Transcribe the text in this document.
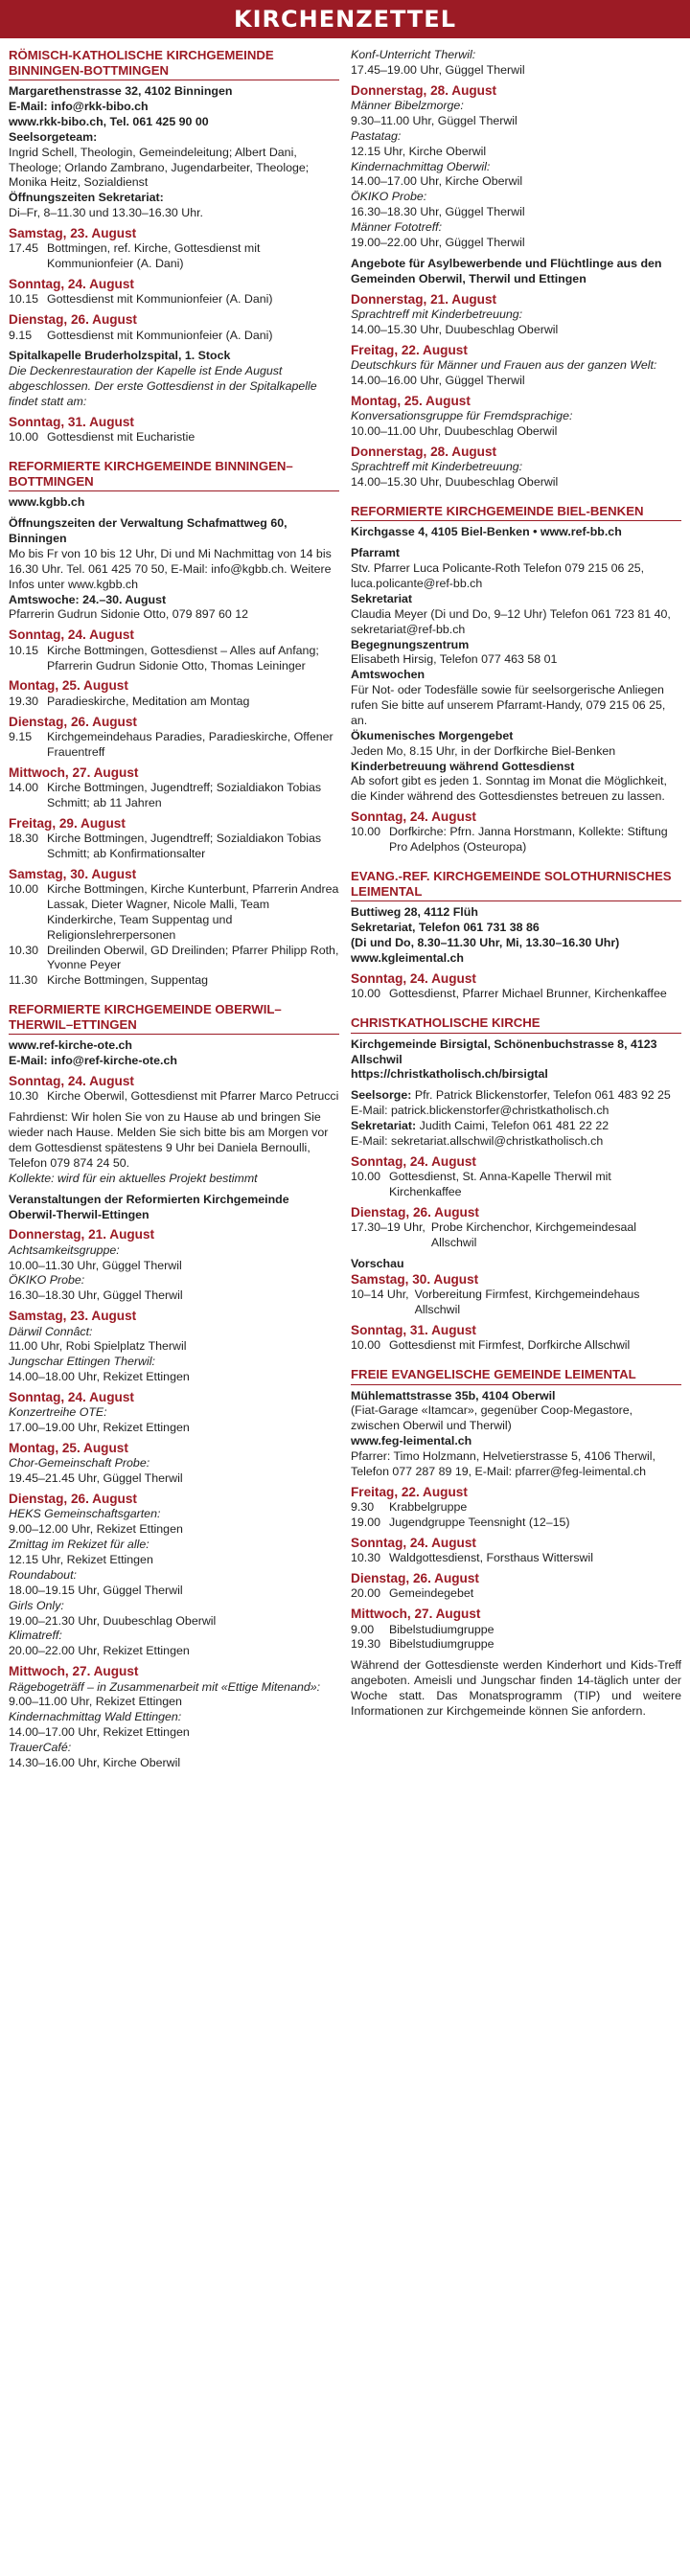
KIRCHENZETTEL
RÖMISCH-KATHOLISCHE KIRCHGEMEINDE BINNINGEN-BOTTMINGEN
Margarethenstrasse 32, 4102 Binningen
E-Mail: info@rkk-bibo.ch
www.rkk-bibo.ch, Tel. 061 425 90 00
Seelsorgeteam:
Ingrid Schell, Theologin, Gemeindeleitung; Albert Dani, Theologe; Orlando Zambrano, Jugendarbeiter, Theologe; Monika Heitz, Sozialdienst
Öffnungszeiten Sekretariat:
Di–Fr, 8–11.30 und 13.30–16.30 Uhr.
Samstag, 23. August
17.45 Bottmingen, ref. Kirche, Gottesdienst mit Kommunionfeier (A. Dani)
Sonntag, 24. August
10.15 Gottesdienst mit Kommunionfeier (A. Dani)
Dienstag, 26. August
9.15	Gottesdienst mit Kommunionfeier (A. Dani)
Spitalkapelle Bruderholzspital, 1. Stock
Die Deckenrestauration der Kapelle ist Ende August abgeschlossen. Der erste Gottesdienst in der Spitalkapelle findet statt am:
Sonntag, 31. August
10.00 Gottesdienst mit Eucharistie
REFORMIERTE KIRCHGEMEINDE BINNINGEN–BOTTMINGEN
www.kgbb.ch
Öffnungszeiten der Verwaltung Schafmattweg 60, Binningen
Mo bis Fr von 10 bis 12 Uhr, Di und Mi Nachmittag von 14 bis 16.30 Uhr. Tel. 061 425 70 50, E-Mail: info@kgbb.ch. Weitere Infos unter www.kgbb.ch
Amtswoche: 24.–30. August
Pfarrerin Gudrun Sidonie Otto, 079 897 60 12
Sonntag, 24. August
10.15 Kirche Bottmingen, Gottesdienst – Alles auf Anfang; Pfarrerin Gudrun Sidonie Otto, Thomas Leininger
Montag, 25. August
19.30 Paradieskirche, Meditation am Montag
Dienstag, 26. August
9.15	Kirchgemeindehaus Paradies, Paradieskirche, Offener Frauentreff
Mittwoch, 27. August
14.00 Kirche Bottmingen, Jugendtreff; Sozialdiakon Tobias Schmitt; ab 11 Jahren
Freitag, 29. August
18.30 Kirche Bottmingen, Jugendtreff; Sozialdiakon Tobias Schmitt; ab Konfirmationsalter
Samstag, 30. August
10.00 Kirche Bottmingen, Kirche Kunterbunt, Pfarrerin Andrea Lassak, Dieter Wagner, Nicole Malli, Team Kinderkirche, Team Suppentag und Religionslehrerpersonen
10.30 Dreilinden Oberwil, GD Dreilinden; Pfarrer Philipp Roth, Yvonne Peyer
11.30 Kirche Bottmingen, Suppentag
REFORMIERTE KIRCHGEMEINDE OBERWIL–THERWIL–ETTINGEN
www.ref-kirche-ote.ch
E-Mail: info@ref-kirche-ote.ch
Sonntag, 24. August
10.30 Kirche Oberwil, Gottesdienst mit Pfarrer Marco Petrucci
Fahrdienst: Wir holen Sie von zu Hause ab und bringen Sie wieder nach Hause. Melden Sie sich bitte bis am Morgen vor dem Gottesdienst spätestens 9 Uhr bei Daniela Bernoulli, Telefon 079 874 24 50.
Kollekte: wird für ein aktuelles Projekt bestimmt
Veranstaltungen der Reformierten Kirchgemeinde Oberwil-Therwil-Ettingen
Donnerstag, 21. August
Achtsamkeitsgruppe:
10.00–11.30 Uhr, Güggel Therwil
ÖKIKO Probe:
16.30–18.30 Uhr, Güggel Therwil
Samstag, 23. August
Därwil Connâct:
11.00 Uhr, Robi Spielplatz Therwil
Jungschar Ettingen Therwil:
14.00–18.00 Uhr, Rekizet Ettingen
Sonntag, 24. August
Konzertreihe OTE:
17.00–19.00 Uhr, Rekizet Ettingen
Montag, 25. August
Chor-Gemeinschaft Probe:
19.45–21.45 Uhr, Güggel Therwil
Dienstag, 26. August
HEKS Gemeinschaftsgarten:
9.00–12.00 Uhr, Rekizet Ettingen
Zmittag im Rekizet für alle:
12.15 Uhr, Rekizet Ettingen
Roundabout:
18.00–19.15 Uhr, Güggel Therwil
Girls Only:
19.00–21.30 Uhr, Duubeschlag Oberwil
Klimatreff:
20.00–22.00 Uhr, Rekizet Ettingen
Mittwoch, 27. August
Rägebogeträff – in Zusammenarbeit mit «Ettige Mitenand»:
9.00–11.00 Uhr, Rekizet Ettingen
Kindernachmittag Wald Ettingen:
14.00–17.00 Uhr, Rekizet Ettingen
TrauerCafé:
14.30–16.00 Uhr, Kirche Oberwil
Konf-Unterricht Therwil:
17.45–19.00 Uhr, Güggel Therwil
Donnerstag, 28. August
Männer Bibelzmorge:
9.30–11.00 Uhr, Güggel Therwil
Pastatag:
12.15 Uhr, Kirche Oberwil
Kindernachmittag Oberwil:
14.00–17.00 Uhr, Kirche Oberwil
ÖKIKO Probe:
16.30–18.30 Uhr, Güggel Therwil
Männer Fototreff:
19.00–22.00 Uhr, Güggel Therwil
Angebote für Asylbewerbende und Flüchtlinge aus den Gemeinden Oberwil, Therwil und Ettingen
Donnerstag, 21. August
Sprachtreff mit Kinderbetreuung:
14.00–15.30 Uhr, Duubeschlag Oberwil
Freitag, 22. August
Deutschkurs für Männer und Frauen aus der ganzen Welt:
14.00–16.00 Uhr, Güggel Therwil
Montag, 25. August
Konversationsgruppe für Fremdsprachige:
10.00–11.00 Uhr, Duubeschlag Oberwil
Donnerstag, 28. August
Sprachtreff mit Kinderbetreuung:
14.00–15.30 Uhr, Duubeschlag Oberwil
REFORMIERTE KIRCHGEMEINDE BIEL-BENKEN
Kirchgasse 4, 4105 Biel-Benken • www.ref-bb.ch
Pfarramt
Stv. Pfarrer Luca Policante-Roth Telefon 079 215 06 25, luca.policante@ref-bb.ch
Sekretariat
Claudia Meyer (Di und Do, 9–12 Uhr) Telefon 061 723 81 40, sekretariat@ref-bb.ch
Begegnungszentrum
Elisabeth Hirsig, Telefon 077 463 58 01
Amtswochen
Für Not- oder Todesfälle sowie für seelsorgerische Anliegen rufen Sie bitte auf unserem Pfarramt-Handy, 079 215 06 25, an.
Ökumenisches Morgengebet
Jeden Mo, 8.15 Uhr, in der Dorfkirche Biel-Benken
Kinderbetreuung während Gottesdienst
Ab sofort gibt es jeden 1. Sonntag im Monat die Möglichkeit, die Kinder während des Gottesdienstes betreuen zu lassen.
Sonntag, 24. August
10.00 Dorfkirche: Pfrn. Janna Horstmann, Kollekte: Stiftung Pro Adelphos (Osteuropa)
EVANG.-REF. KIRCHGEMEINDE SOLOTHURNISCHES LEIMENTAL
Buttiweg 28, 4112 Flüh
Sekretariat, Telefon 061 731 38 86
(Di und Do, 8.30–11.30 Uhr, Mi, 13.30–16.30 Uhr)
www.kgleimental.ch
Sonntag, 24. August
10.00 Gottesdienst, Pfarrer Michael Brunner, Kirchenkaffee
CHRISTKATHOLISCHE KIRCHE
Kirchgemeinde Birsigtal, Schönenbuchstrasse 8, 4123 Allschwil
https://christkatholisch.ch/birsigtal
Seelsorge: Pfr. Patrick Blickenstorfer, Telefon 061 483 92 25
E-Mail: patrick.blickenstorfer@christkatholisch.ch
Sekretariat: Judith Caimi, Telefon 061 481 22 22
E-Mail: sekretariat.allschwil@christkatholisch.ch
Sonntag, 24. August
10.00 Gottesdienst, St. Anna-Kapelle Therwil mit Kirchenkaffee
Dienstag, 26. August
17.30–19 Uhr, Probe Kirchenchor, Kirchgemeindesaal Allschwil
Vorschau
Samstag, 30. August
10–14 Uhr, Vorbereitung Firmfest, Kirchgemeindehaus Allschwil
Sonntag, 31. August
10.00 Gottesdienst mit Firmfest, Dorfkirche Allschwil
FREIE EVANGELISCHE GEMEINDE LEIMENTAL
Mühlemattstrasse 35b, 4104 Oberwil
(Fiat-Garage «Itamcar», gegenüber Coop-Megastore, zwischen Oberwil und Therwil)
www.feg-leimental.ch
Pfarrer: Timo Holzmann, Helvetierstrasse 5, 4106 Therwil, Telefon 077 287 89 19, E-Mail: pfarrer@feg-leimental.ch
Freitag, 22. August
9.30	Krabbelgruppe
19.00 Jugendgruppe Teensnight (12–15)
Sonntag, 24. August
10.30 Waldgottesdienst, Forsthaus Witterswil
Dienstag, 26. August
20.00 Gemeindegebet
Mittwoch, 27. August
9.00	Bibelstudiumgruppe
19.30 Bibelstudiumgruppe
Während der Gottesdienste werden Kinderhort und Kids-Treff angeboten. Ameisli und Jungschar finden 14-täglich unter der Woche statt. Das Monatsprogramm (TIP) und weitere Informationen zur Kirchgemeinde können Sie anfordern.
